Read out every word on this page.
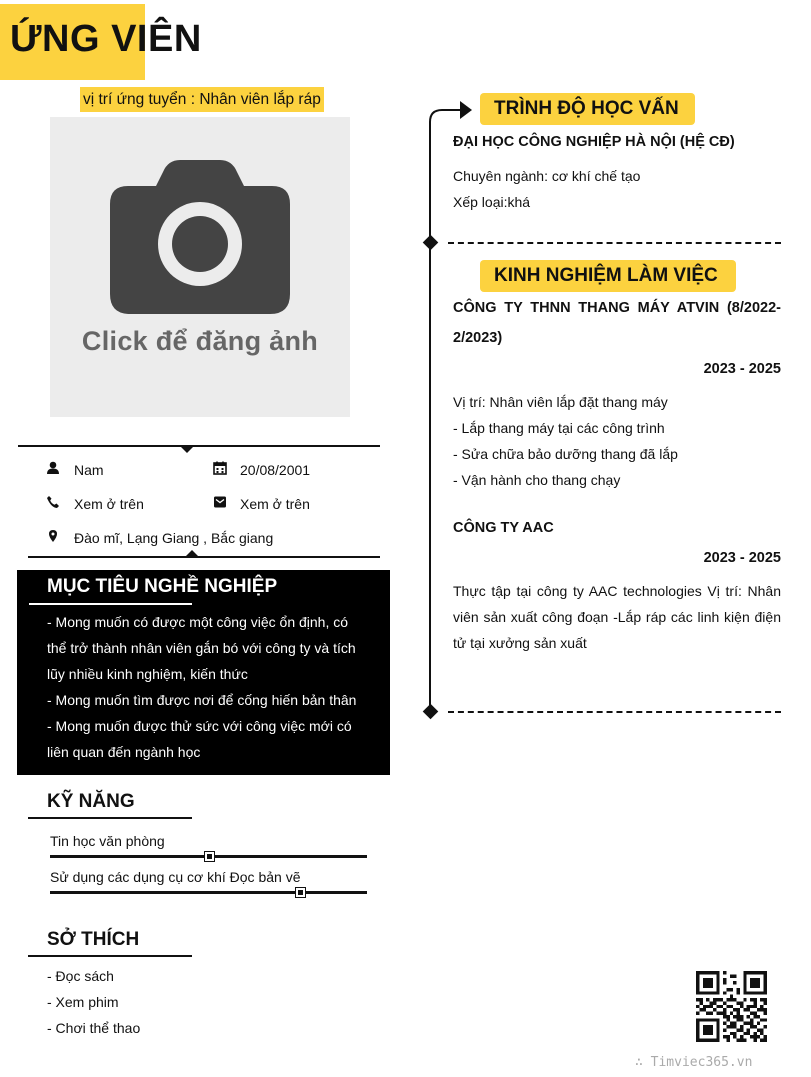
ỨNG VIÊN
vị trí ứng tuyển : Nhân viên lắp ráp
Click để đăng ảnh
Nam	20/08/2001
Xem ở trên	Xem ở trên
Đào mĩ, Lạng Giang , Bắc giang
MỤC TIÊU NGHỀ NGHIỆP
- Mong muốn có được một công việc ổn định, có
thể trở thành nhân viên gắn bó với công ty và tích
lũy nhiều kinh nghiệm, kiến thức
- Mong muốn tìm được nơi để cống hiến bản thân
- Mong muốn được thử sức với công việc mới có
liên quan đến ngành học
KỸ NĂNG
Tin học văn phòng
Sử dụng các dụng cụ cơ khí Đọc bản vẽ
SỞ THÍCH
- Đọc sách
- Xem phim
- Chơi thể thao
TRÌNH ĐỘ HỌC VẤN
ĐẠI HỌC CÔNG NGHIỆP HÀ NỘI (HỆ CĐ)
Chuyên ngành: cơ khí chế tạo
Xếp loại:khá
KINH NGHIỆM LÀM VIỆC
CÔNG TY THNN THANG MÁY ATVIN (8/2022-
2/2023)
2023 - 2025
Vị trí: Nhân viên lắp đặt thang máy
- Lắp thang máy tại các công trình
- Sửa chữa bảo dưỡng thang đã lắp
- Vận hành cho thang chạy
CÔNG TY AAC
2023 - 2025
Thực tập tại công ty AAC technologies Vị trí: Nhân
viên sản xuất công đoạn -Lắp ráp các linh kiện điện
tử tại xưởng sản xuất
∴ Timviec365.vn
